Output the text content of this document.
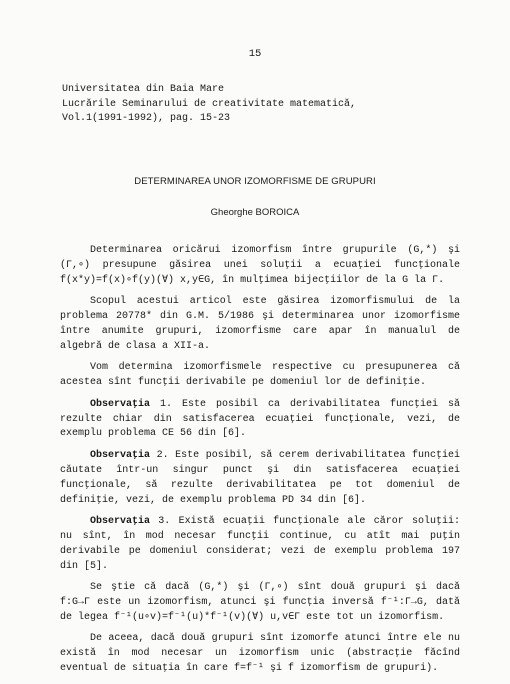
15
Universitatea din Baia Mare
Lucrările Seminarului de creativitate matematică,
Vol.1(1991-1992), pag. 15-23
DETERMINAREA UNOR IZOMORFISME DE GRUPURI
Gheorghe BOROICA

Determinarea oricărui izomorfism între grupurile (G,*) şi (Γ,∘) presupune găsirea unei soluţii a ecuaţiei funcţionale f(x*y)=f(x)∘f(y)(∀) x,y∈G, în mulţimea bijecţiilor de la G la Γ.

Scopul acestui articol este găsirea izomorfismului de la problema 20778* din G.M. 5/1986 şi determinarea unor izomorfisme între anumite grupuri, izomorfisme care apar în manualul de algebră de clasa a XII-a.

Vom determina izomorfismele respective cu presupunerea că acestea sînt funcţii derivabile pe domeniul lor de definiţie.

Observaţia 1. Este posibil ca derivabilitatea funcţiei să rezulte chiar din satisfacerea ecuaţiei funcţionale, vezi, de exemplu problema CE 56 din [6].

Observaţia 2. Este posibil, să cerem derivabilitatea funcţiei căutate într-un singur punct şi din satisfacerea ecuaţiei funcţionale, să rezulte derivabilitatea pe tot domeniul de definiţie, vezi, de exemplu problema PD 34 din [6].

Observaţia 3. Există ecuaţii funcţionale ale căror soluţii: nu sînt, în mod necesar funcţii continue, cu atît mai puţin derivabile pe domeniul considerat; vezi de exemplu problema 197 din [5].

Se ştie că dacă (G,*) şi (Γ,∘) sînt două grupuri şi dacă f:G→Γ este un izomorfism, atunci şi funcţia inversă f⁻¹:Γ→G, dată de legea f⁻¹(u∘v)=f⁻¹(u)*f⁻¹(v)(∀) u,v∈Γ este tot un izomorfism.

De aceea, dacă două grupuri sînt izomorfe atunci între ele nu există în mod necesar un izomorfism unic (abstracţie făcînd eventual de situaţia în care f=f⁻¹ şi f izomorfism de grupuri).
